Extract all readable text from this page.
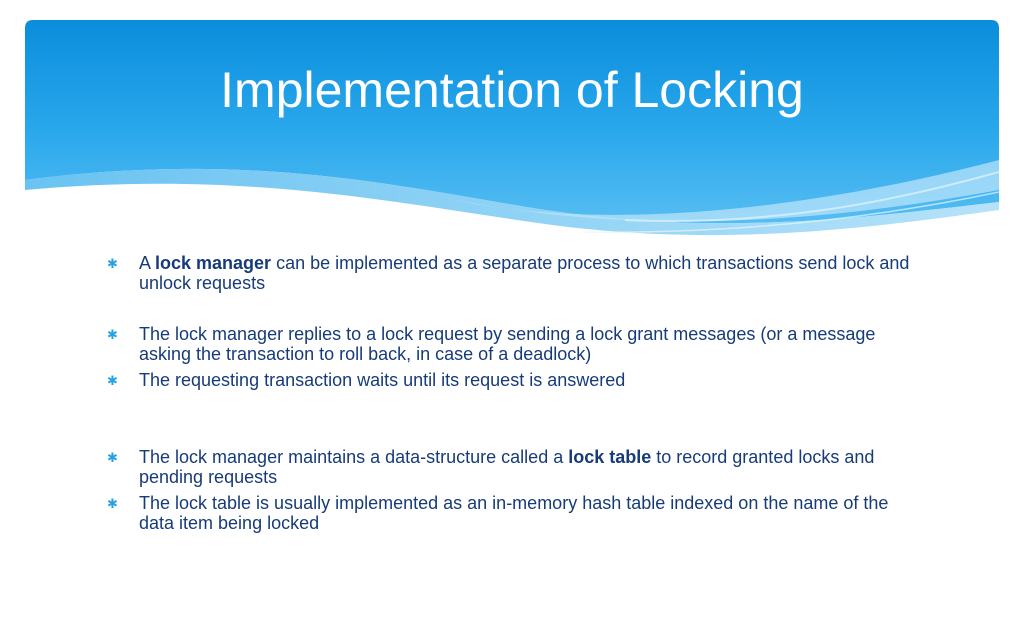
Implementation of Locking
✱ A lock manager can be implemented as a separate process to which transactions send lock and unlock requests
✱ The lock manager replies to a lock request by sending a lock grant messages (or a message asking the transaction to roll back, in case of a deadlock)
✱ The requesting transaction waits until its request is answered
✱ The lock manager maintains a data-structure called a lock table to record granted locks and pending requests
✱ The lock table is usually implemented as an in-memory hash table indexed on the name of the data item being locked
